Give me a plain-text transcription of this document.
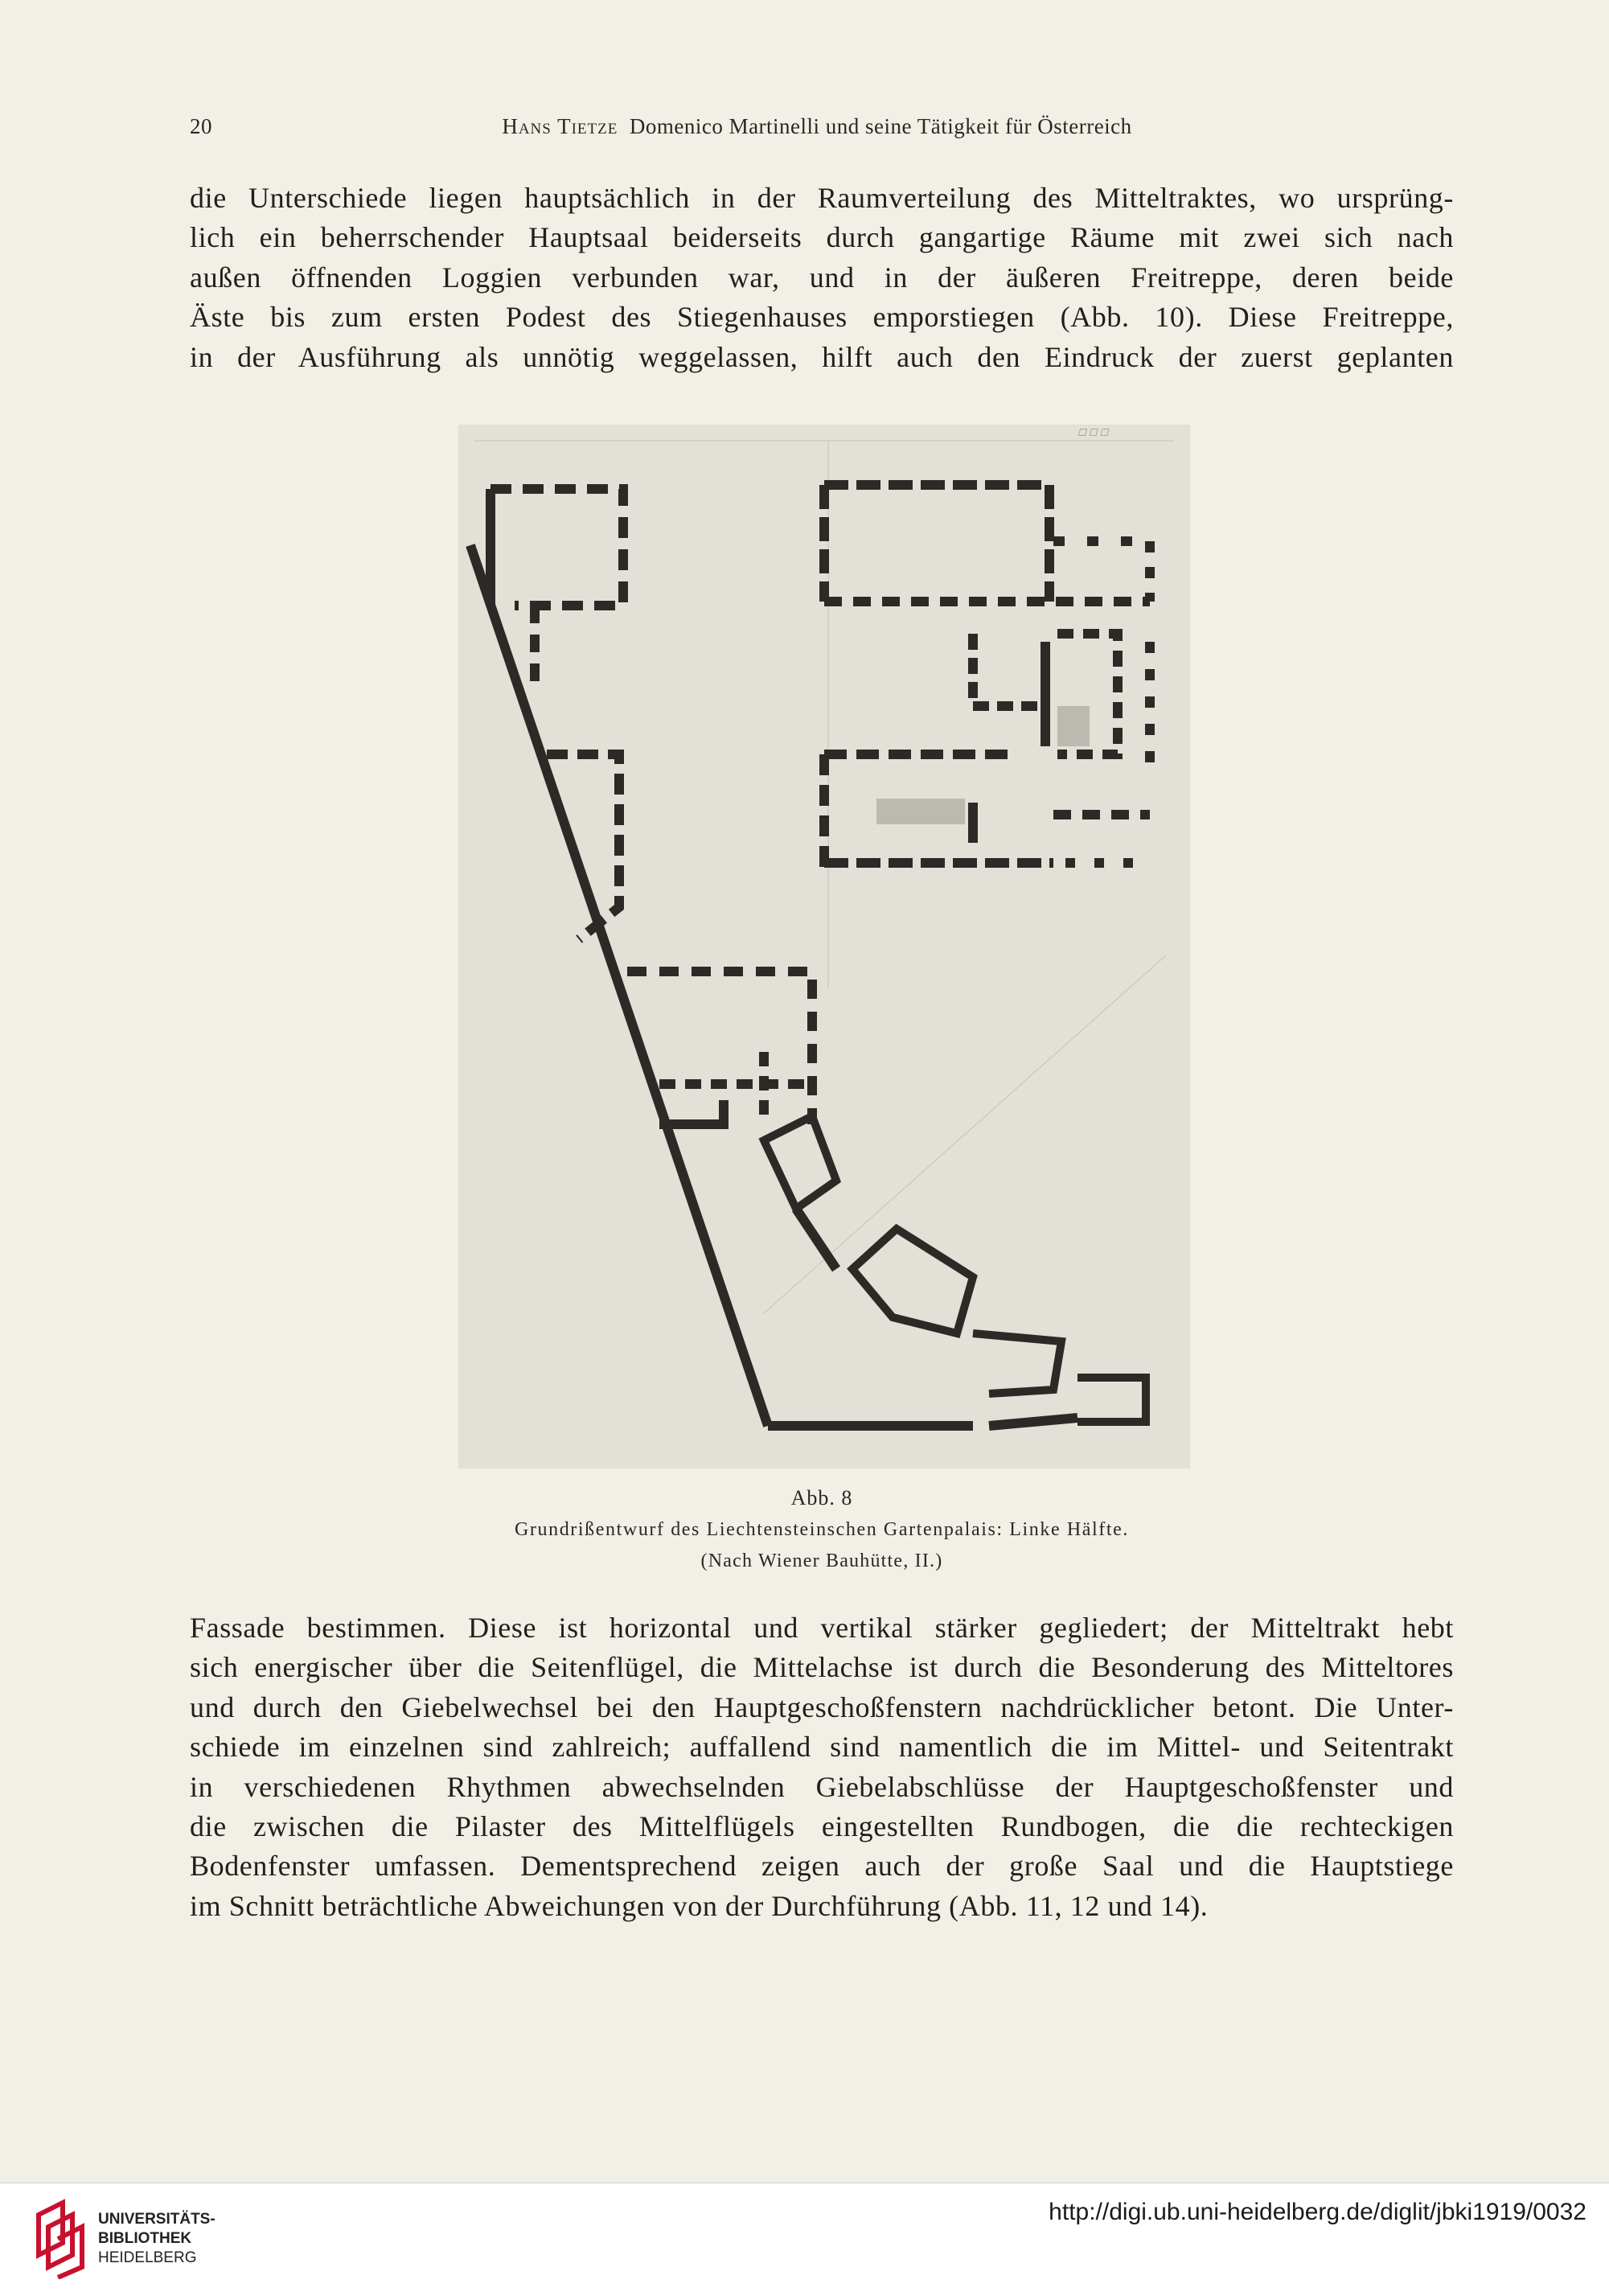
20	Hans Tietze Domenico Martinelli und seine Tätigkeit für Österreich
die Unterschiede liegen hauptsächlich in der Raumverteilung des Mitteltraktes, wo ursprüng-
lich ein beherrschender Hauptsaal beiderseits durch gangartige Räume mit zwei sich nach
außen öffnenden Loggien verbunden war, und in der äußeren Freitreppe, deren beide
Äste bis zum ersten Podest des Stiegenhauses emporstiegen (Abb. 10). Diese Freitreppe,
in der Ausführung als unnötig weggelassen, hilft auch den Eindruck der zuerst geplanten
☐ ☐ ☐
Abb. 8
Grundrißentwurf des Liechtensteinschen Gartenpalais: Linke Hälfte.
(Nach Wiener Bauhütte, II.)
Fassade bestimmen. Diese ist horizontal und vertikal stärker gegliedert; der Mitteltrakt hebt
sich energischer über die Seitenflügel, die Mittelachse ist durch die Besonderung des Mitteltores
und durch den Giebelwechsel bei den Hauptgeschoßfenstern nachdrücklicher betont. Die Unter-
schiede im einzelnen sind zahlreich; auffallend sind namentlich die im Mittel- und Seitentrakt
in verschiedenen Rhythmen abwechselnden Giebelabschlüsse der Hauptgeschoßfenster und
die zwischen die Pilaster des Mittelflügels eingestellten Rundbogen, die die rechteckigen
Bodenfenster umfassen. Dementsprechend zeigen auch der große Saal und die Hauptstiege
im Schnitt beträchtliche Abweichungen von der Durchführung (Abb. 11, 12 und 14).
UNIVERSITÄTS-
BIBLIOTHEK
HEIDELBERG
http://digi.ub.uni-heidelberg.de/diglit/jbki1919/0032
